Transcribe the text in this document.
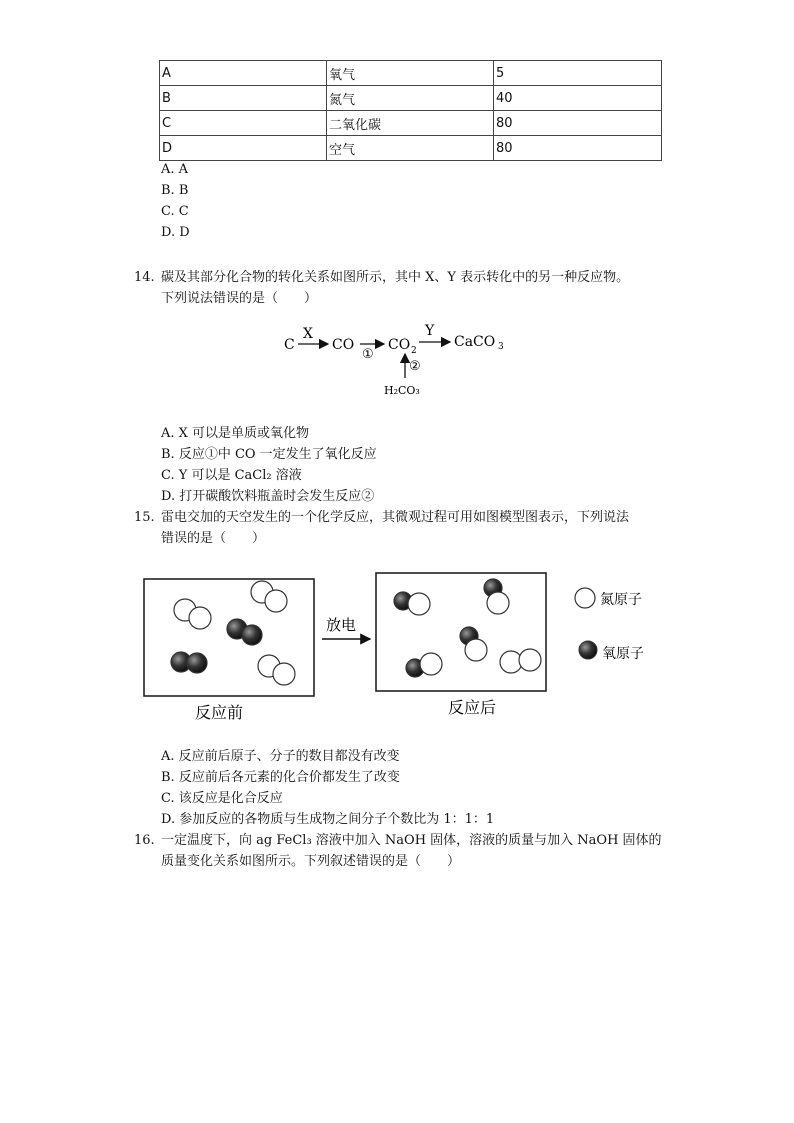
A	氧气	5
B	氮气	40
C	二氧化碳	80
D	空气	80
A. A
B. B
C. C
D. D
14. 碳及其部分化合物的转化关系如图所示，其中 X、Y 表示转化中的另一种反应物。
下列说法错误的是（　　）
C
X
CO
①
CO 2
Y
CaCO 3
②
H₂CO₃
A. X 可以是单质或氧化物
B. 反应①中 CO 一定发生了氧化反应
C. Y 可以是 CaCl₂ 溶液
D. 打开碳酸饮料瓶盖时会发生反应②
15. 雷电交加的天空发生的一个化学反应，其微观过程可用如图模型图表示，下列说法
错误的是（　　）
放电
反应前	反应后
氮原子
氧原子
A. 反应前后原子、分子的数目都没有改变
B. 反应前后各元素的化合价都发生了改变
C. 该反应是化合反应
D. 参加反应的各物质与生成物之间分子个数比为 1：1：1
16. 一定温度下，向 ag FeCl₃ 溶液中加入 NaOH 固体，溶液的质量与加入 NaOH 固体的
质量变化关系如图所示。下列叙述错误的是（　　）
